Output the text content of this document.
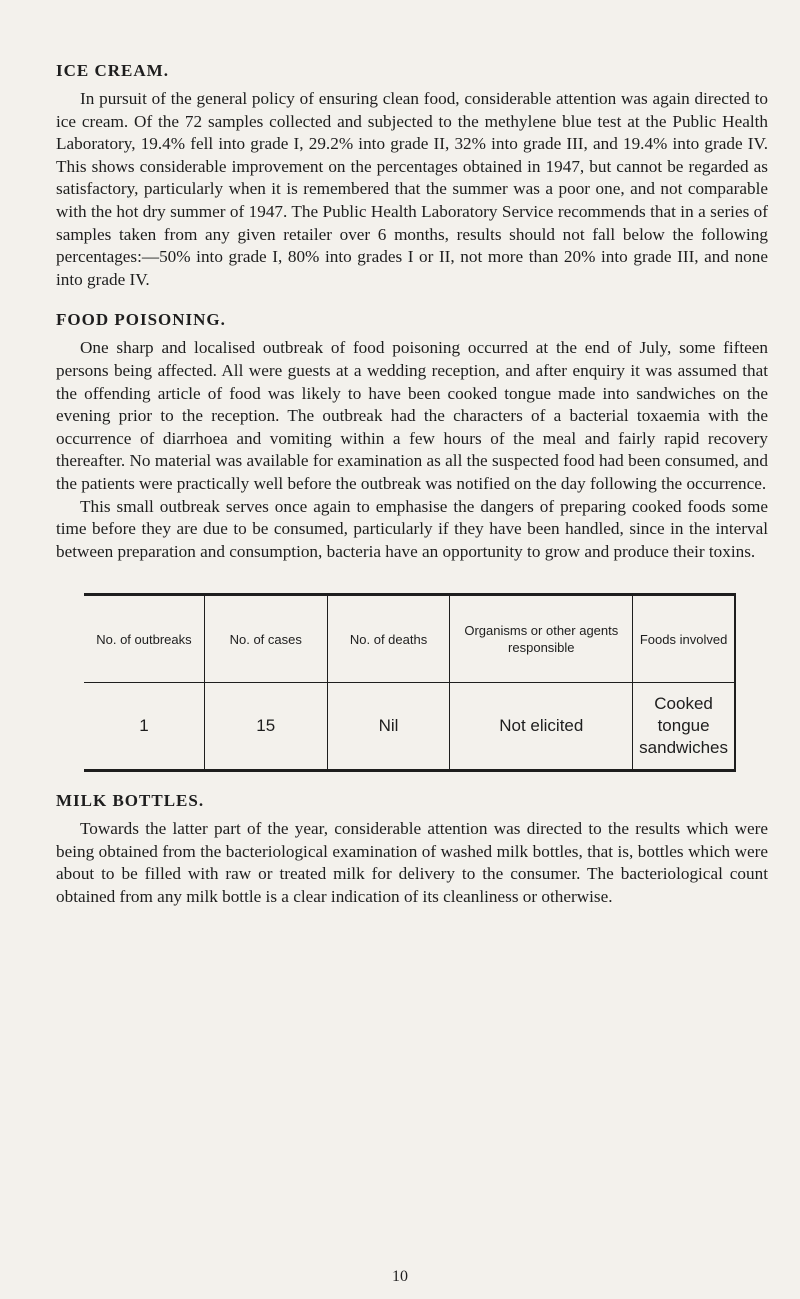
ICE CREAM.

In pursuit of the general policy of ensuring clean food, considerable attention was again directed to ice cream. Of the 72 samples collected and subjected to the methylene blue test at the Public Health Laboratory, 19.4% fell into grade I, 29.2% into grade II, 32% into grade III, and 19.4% into grade IV. This shows considerable improvement on the percentages obtained in 1947, but cannot be regarded as satisfactory, particularly when it is remembered that the summer was a poor one, and not comparable with the hot dry summer of 1947. The Public Health Laboratory Service recommends that in a series of samples taken from any given retailer over 6 months, results should not fall below the following percentages:—50% into grade I, 80% into grades I or II, not more than 20% into grade III, and none into grade IV.

FOOD POISONING.

One sharp and localised outbreak of food poisoning occurred at the end of July, some fifteen persons being affected. All were guests at a wedding reception, and after enquiry it was assumed that the offending article of food was likely to have been cooked tongue made into sandwiches on the evening prior to the reception. The outbreak had the characters of a bacterial toxaemia with the occurrence of diarrhoea and vomiting within a few hours of the meal and fairly rapid recovery thereafter. No material was available for examination as all the suspected food had been consumed, and the patients were practically well before the outbreak was notified on the day following the occurrence.

This small outbreak serves once again to emphasise the dangers of preparing cooked foods some time before they are due to be consumed, particularly if they have been handled, since in the interval between preparation and consumption, bacteria have an opportunity to grow and produce their toxins.

No. of outbreaks	No. of cases	No. of deaths	Organisms or other agents responsible	Foods involved
1	15	Nil	Not elicited	Cooked tongue sandwiches
MILK BOTTLES.

Towards the latter part of the year, considerable attention was directed to the results which were being obtained from the bacteriological examination of washed milk bottles, that is, bottles which were about to be filled with raw or treated milk for delivery to the consumer. The bacteriological count obtained from any milk bottle is a clear indication of its cleanliness or otherwise.

10
